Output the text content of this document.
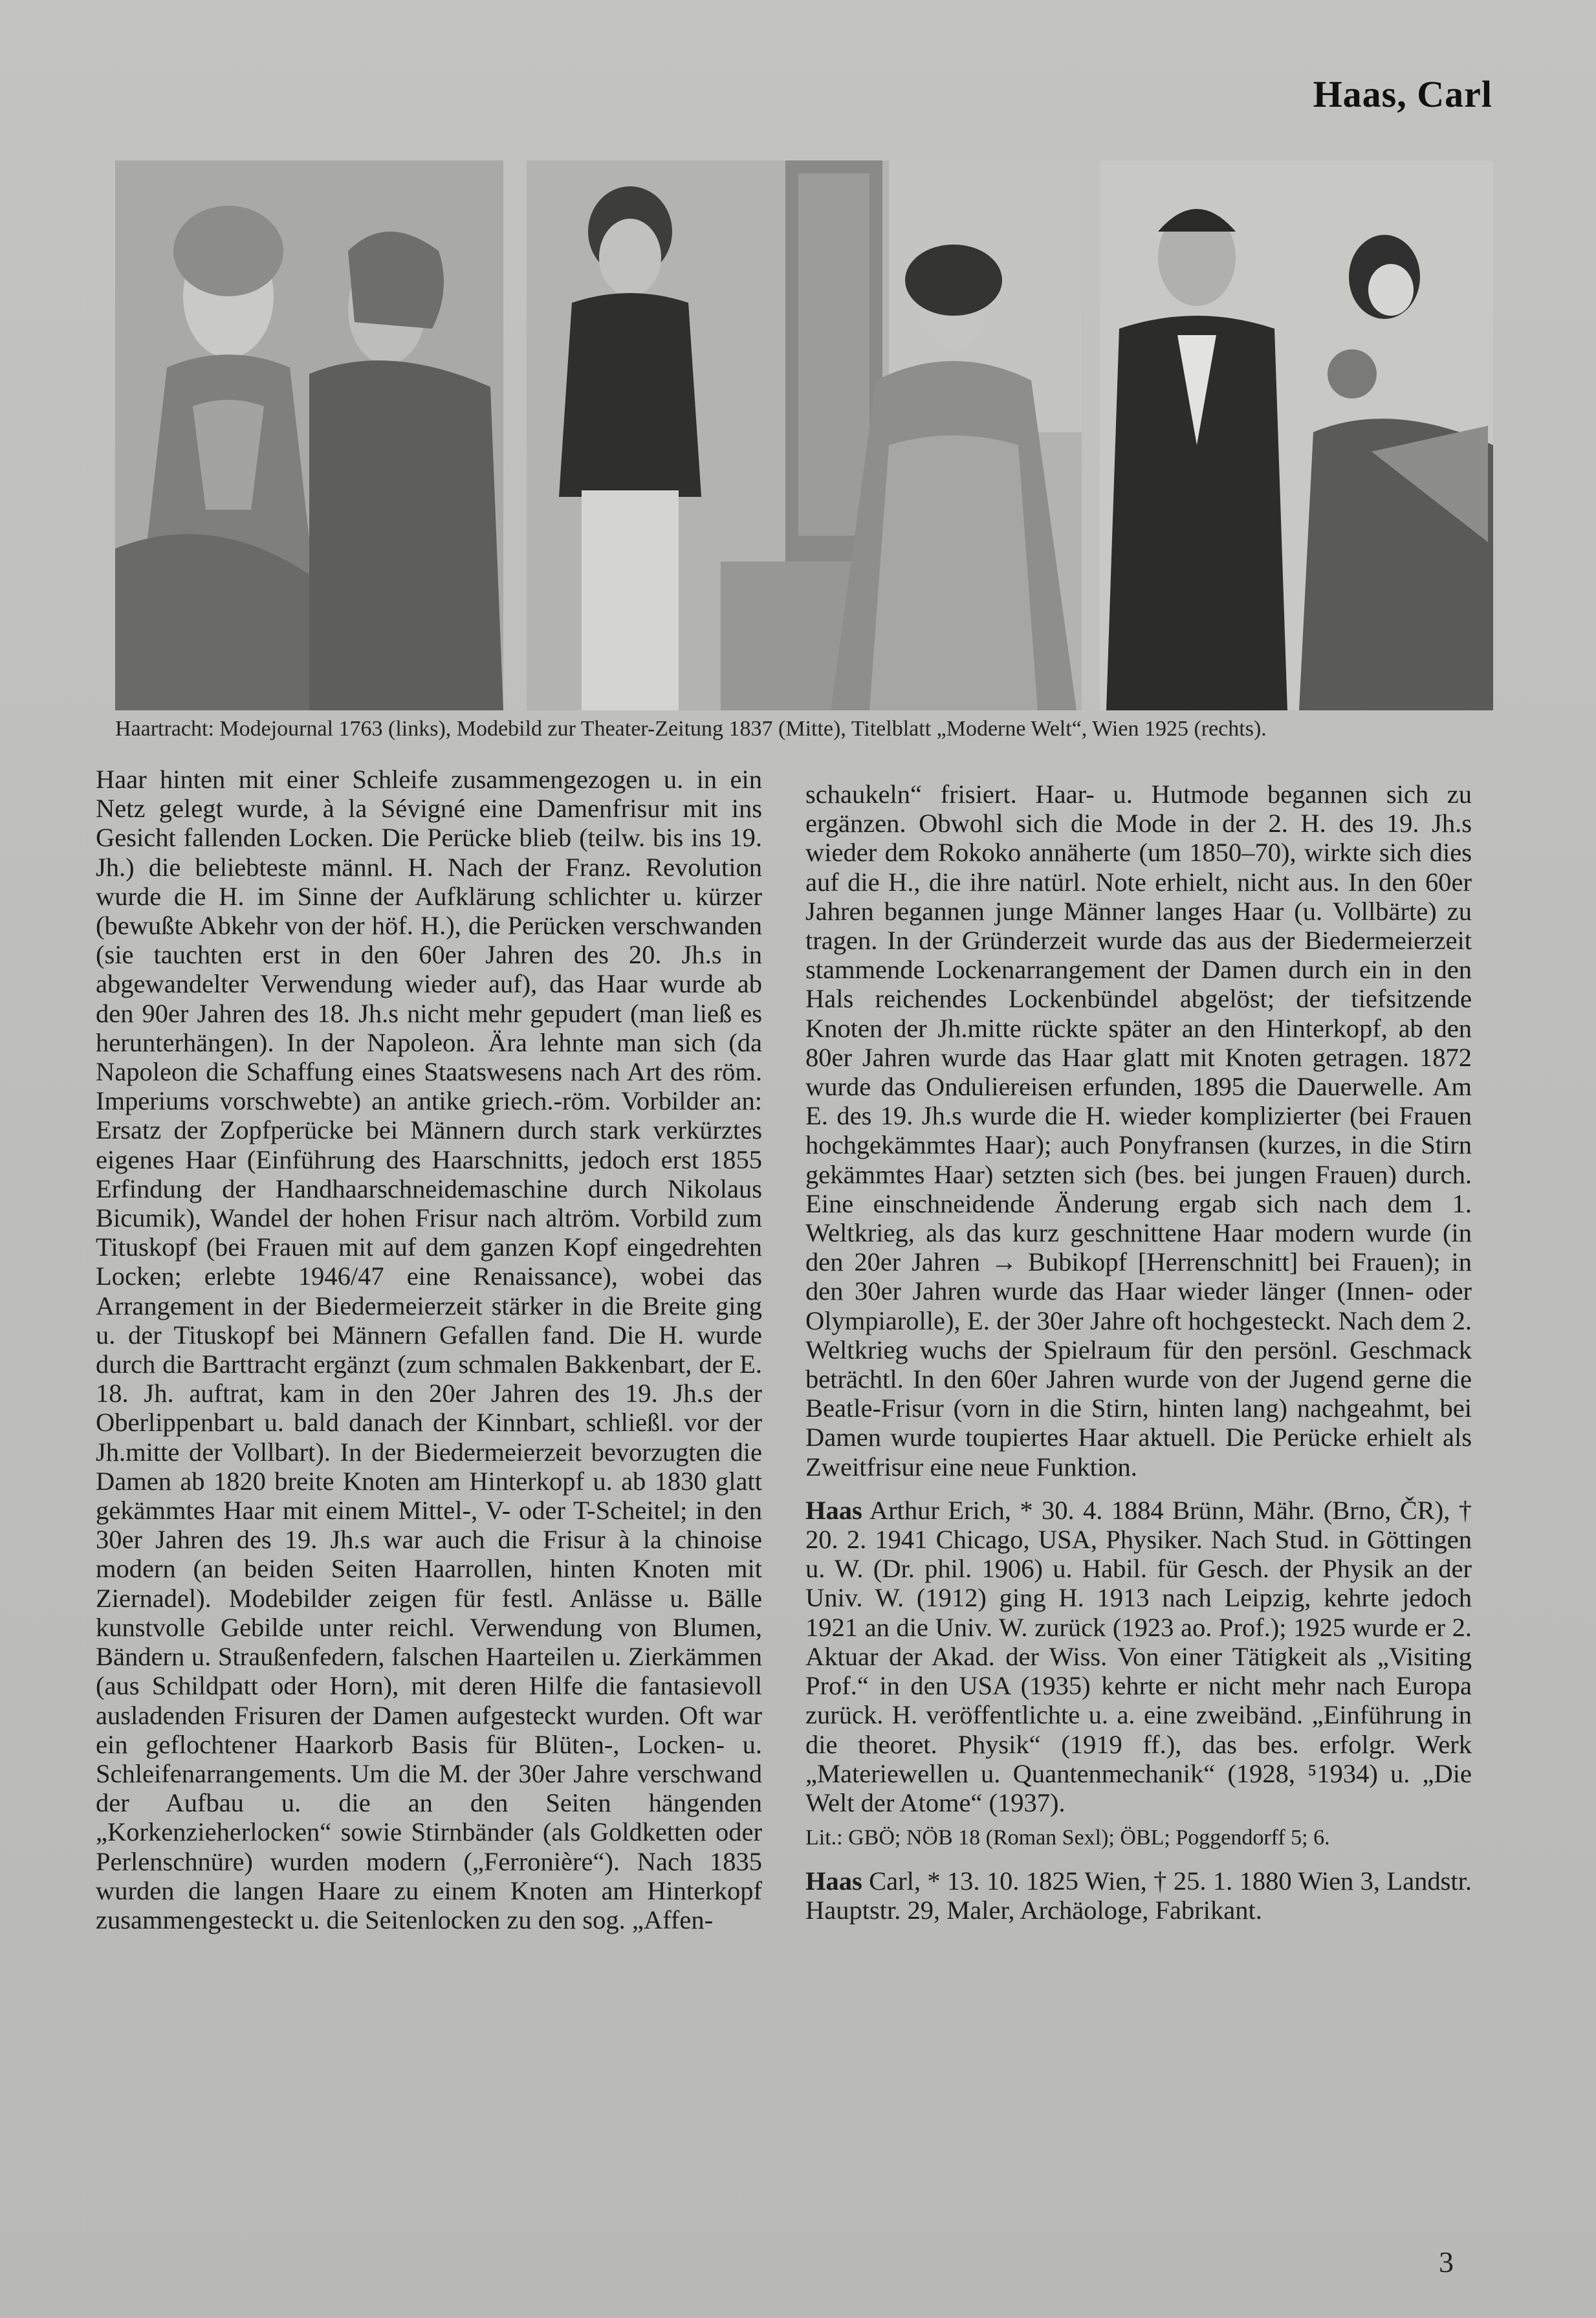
Haas, Carl
Haartracht: Modejournal 1763 (links), Modebild zur Theater-Zeitung 1837 (Mitte), Titelblatt „Moderne Welt“, Wien 1925 (rechts).

Haar hinten mit einer Schleife zusammengezogen u. in ein Netz gelegt wurde, à la Sévigné eine Damenfrisur mit ins Gesicht fallenden Locken. Die Perücke blieb (teilw. bis ins 19. Jh.) die beliebteste männl. H. Nach der Franz. Revolution wurde die H. im Sinne der Aufklärung schlichter u. kürzer (bewußte Abkehr von der höf. H.), die Perücken verschwanden (sie tauchten erst in den 60er Jahren des 20. Jh.s in abgewandelter Verwendung wieder auf), das Haar wurde ab den 90er Jahren des 18. Jh.s nicht mehr gepudert (man ließ es herunterhängen). In der Napoleon. Ära lehnte man sich (da Napoleon die Schaffung eines Staatswesens nach Art des röm. Imperiums vorschwebte) an antike griech.-röm. Vorbilder an: Ersatz der Zopfperücke bei Männern durch stark verkürztes eigenes Haar (Einführung des Haarschnitts, jedoch erst 1855 Erfindung der Handhaarschneidemaschine durch Nikolaus Bicumik), Wandel der hohen Frisur nach altröm. Vorbild zum Tituskopf (bei Frauen mit auf dem ganzen Kopf eingedrehten Locken; erlebte 1946/47 eine Renaissance), wobei das Arrangement in der Biedermeierzeit stärker in die Breite ging u. der Tituskopf bei Männern Gefallen fand. Die H. wurde durch die Barttracht ergänzt (zum schmalen Bakkenbart, der E. 18. Jh. auftrat, kam in den 20er Jahren des 19. Jh.s der Oberlippenbart u. bald danach der Kinnbart, schließl. vor der Jh.mitte der Vollbart). In der Biedermeierzeit bevorzugten die Damen ab 1820 breite Knoten am Hinterkopf u. ab 1830 glatt gekämmtes Haar mit einem Mittel-, V- oder T-Scheitel; in den 30er Jahren des 19. Jh.s war auch die Frisur à la chinoise modern (an beiden Seiten Haarrollen, hinten Knoten mit Ziernadel). Modebilder zeigen für festl. Anlässe u. Bälle kunstvolle Gebilde unter reichl. Verwendung von Blumen, Bändern u. Straußenfedern, falschen Haarteilen u. Zierkämmen (aus Schildpatt oder Horn), mit deren Hilfe die fantasievoll ausladenden Frisuren der Damen aufgesteckt wurden. Oft war ein geflochtener Haarkorb Basis für Blüten-, Locken- u. Schleifenarrangements. Um die M. der 30er Jahre verschwand der Aufbau u. die an den Seiten hängenden „Korkenzieherlocken“ sowie Stirnbänder (als Goldketten oder Perlenschnüre) wurden modern („Ferronière“). Nach 1835 wurden die langen Haare zu einem Knoten am Hinterkopf zusammengesteckt u. die Seitenlocken zu den sog. „Affen-

schaukeln“ frisiert. Haar- u. Hutmode begannen sich zu ergänzen. Obwohl sich die Mode in der 2. H. des 19. Jh.s wieder dem Rokoko annäherte (um 1850–70), wirkte sich dies auf die H., die ihre natürl. Note erhielt, nicht aus. In den 60er Jahren begannen junge Männer langes Haar (u. Vollbärte) zu tragen. In der Gründerzeit wurde das aus der Biedermeierzeit stammende Lockenarrangement der Damen durch ein in den Hals reichendes Lockenbündel abgelöst; der tiefsitzende Knoten der Jh.mitte rückte später an den Hinterkopf, ab den 80er Jahren wurde das Haar glatt mit Knoten getragen. 1872 wurde das Ondulierеisen erfunden, 1895 die Dauerwelle. Am E. des 19. Jh.s wurde die H. wieder komplizierter (bei Frauen hochgekämmtes Haar); auch Ponyfransen (kurzes, in die Stirn gekämmtes Haar) setzten sich (bes. bei jungen Frauen) durch. Eine einschneidende Änderung ergab sich nach dem 1. Weltkrieg, als das kurz geschnittene Haar modern wurde (in den 20er Jahren → Bubikopf [Herrenschnitt] bei Frauen); in den 30er Jahren wurde das Haar wieder länger (Innen- oder Olympiarolle), E. der 30er Jahre oft hochgesteckt. Nach dem 2. Weltkrieg wuchs der Spielraum für den persönl. Geschmack beträchtl. In den 60er Jahren wurde von der Jugend gerne die Beatle-Frisur (vorn in die Stirn, hinten lang) nachgeahmt, bei Damen wurde toupiertes Haar aktuell. Die Perücke erhielt als Zweitfrisur eine neue Funktion.

Haas Arthur Erich, * 30. 4. 1884 Brünn, Mähr. (Brno, ČR), † 20. 2. 1941 Chicago, USA, Physiker. Nach Stud. in Göttingen u. W. (Dr. phil. 1906) u. Habil. für Gesch. der Physik an der Univ. W. (1912) ging H. 1913 nach Leipzig, kehrte jedoch 1921 an die Univ. W. zurück (1923 ao. Prof.); 1925 wurde er 2. Aktuar der Akad. der Wiss. Von einer Tätigkeit als „Visiting Prof.“ in den USA (1935) kehrte er nicht mehr nach Europa zurück. H. veröffentlichte u. a. eine zweibänd. „Einführung in die theoret. Physik“ (1919 ff.), das bes. erfolgr. Werk „Materiewellen u. Quantenmechanik“ (1928, ⁵1934) u. „Die Welt der Atome“ (1937).

Lit.: GBÖ; NÖB 18 (Roman Sexl); ÖBL; Poggendorff 5; 6.

Haas Carl, * 13. 10. 1825 Wien, † 25. 1. 1880 Wien 3, Landstr. Hauptstr. 29, Maler, Archäologe, Fabrikant.

3
